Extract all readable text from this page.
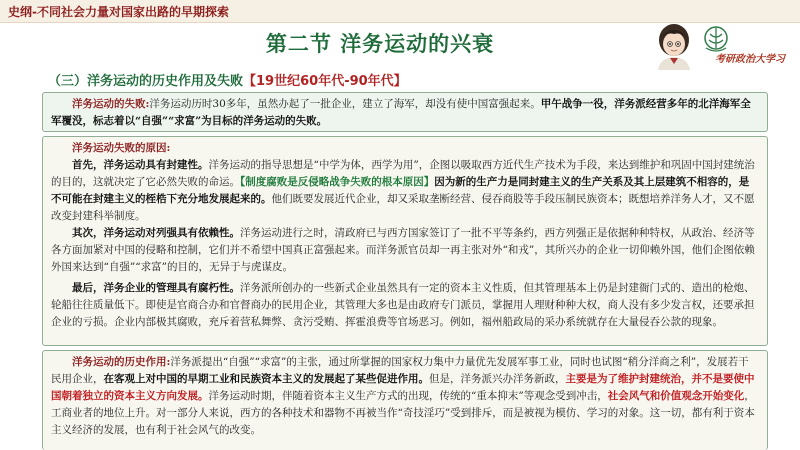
史纲-不同社会力量对国家出路的早期探索
第二节 洋务运动的兴衰
考研政治大学习
（三）洋务运动的历史作用及失败【19世纪60年代-90年代】

洋务运动的失败:洋务运动历时30多年，虽然办起了一批企业，建立了海军，却没有使中国富强起来。甲午战争一役，洋务派经营多年的北洋海军全军覆没，标志着以“自强”“求富”为目标的洋务运动的失败。

洋务运动失败的原因:

首先，洋务运动具有封建性。洋务运动的指导思想是“中学为体，西学为用”，企图以吸取西方近代生产技术为手段，来达到维护和巩固中国封建统治的目的，这就决定了它必然失败的命运。【制度腐败是反侵略战争失败的根本原因】因为新的生产力是同封建主义的生产关系及其上层建筑不相容的，是不可能在封建主义的桎梏下充分地发展起来的。他们既要发展近代企业，却又采取垄断经营、侵吞商股等手段压制民族资本；既想培养洋务人才，又不愿改变封建科举制度。

其次，洋务运动对列强具有依赖性。洋务运动进行之时，清政府已与西方国家签订了一批不平等条约，西方列强正是依据种种特权，从政治、经济等各方面加紧对中国的侵略和控制，它们并不希望中国真正富强起来。而洋务派官员却一再主张对外“和戎”，其所兴办的企业一切仰赖外国，他们企图依赖外国来达到“自强”“求富”的目的，无异于与虎谋皮。

最后，洋务企业的管理具有腐朽性。洋务派所创办的一些新式企业虽然具有一定的资本主义性质，但其管理基本上仍是封建衙门式的、造出的枪炮、轮船往往质量低下。即使是官商合办和官督商办的民用企业，其管理大多也是由政府专门派员，掌握用人理财种种大权，商人没有多少发言权，还要承担企业的亏损。企业内部极其腐败，充斥着营私舞弊、贪污受贿、挥霍浪费等官场恶习。例如，福州船政局的采办系统就存在大量侵吞公款的现象。

洋务运动的历史作用:洋务派提出“自强”“求富”的主张，通过所掌握的国家权力集中力量优先发展军事工业，同时也试图“稍分洋商之利”，发展若干民用企业，在客观上对中国的早期工业和民族资本主义的发展起了某些促进作用。但是，洋务派兴办洋务新政，主要是为了维护封建统治，并不是要使中国朝着独立的资本主义方向发展。洋务运动时期，伴随着资本主义生产方式的出现，传统的“重本抑末”等观念受到冲击，社会风气和价值观念开始变化，工商业者的地位上升。对一部分人来说，西方的各种技术和器物不再被当作“奇技淫巧”受到排斥，而是被视为模仿、学习的对象。这一切，都有利于资本主义经济的发展，也有利于社会风气的改变。
